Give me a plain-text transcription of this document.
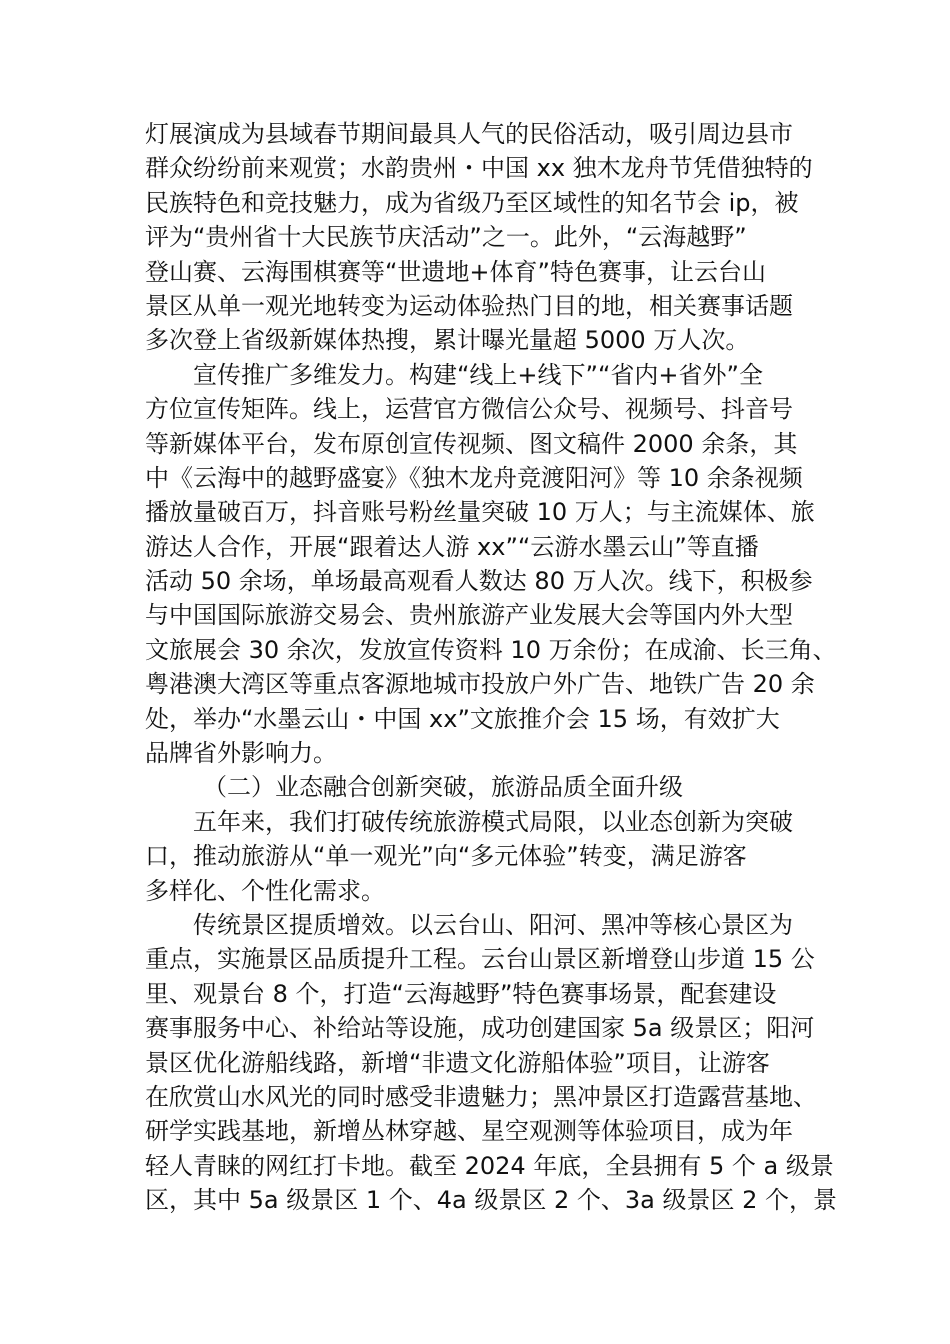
灯展演成为县域春节期间最具人气的民俗活动，吸引周边县市
群众纷纷前来观赏；水韵贵州・中国 xx 独木龙舟节凭借独特的
民族特色和竞技魅力，成为省级乃至区域性的知名节会 ip，被
评为“贵州省十大民族节庆活动”之一。此外，“云海越野”
登山赛、云海围棋赛等“世遗地+体育”特色赛事，让云台山
景区从单一观光地转变为运动体验热门目的地，相关赛事话题
多次登上省级新媒体热搜，累计曝光量超 5000 万人次。
宣传推广多维发力。构建“线上+线下”“省内+省外”全
方位宣传矩阵。线上，运营官方微信公众号、视频号、抖音号
等新媒体平台，发布原创宣传视频、图文稿件 2000 余条，其
中《云海中的越野盛宴》《独木龙舟竞渡阳河》等 10 余条视频
播放量破百万，抖音账号粉丝量突破 10 万人；与主流媒体、旅
游达人合作，开展“跟着达人游 xx”“云游水墨云山”等直播
活动 50 余场，单场最高观看人数达 80 万人次。线下，积极参
与中国国际旅游交易会、贵州旅游产业发展大会等国内外大型
文旅展会 30 余次，发放宣传资料 10 万余份；在成渝、长三角、
粤港澳大湾区等重点客源地城市投放户外广告、地铁广告 20 余
处，举办“水墨云山・中国 xx”文旅推介会 15 场，有效扩大
品牌省外影响力。
（二）业态融合创新突破，旅游品质全面升级
五年来，我们打破传统旅游模式局限，以业态创新为突破
口，推动旅游从“单一观光”向“多元体验”转变，满足游客
多样化、个性化需求。
传统景区提质增效。以云台山、阳河、黑冲等核心景区为
重点，实施景区品质提升工程。云台山景区新增登山步道 15 公
里、观景台 8 个，打造“云海越野”特色赛事场景，配套建设
赛事服务中心、补给站等设施，成功创建国家 5a 级景区；阳河
景区优化游船线路，新增“非遗文化游船体验”项目，让游客
在欣赏山水风光的同时感受非遗魅力；黑冲景区打造露营基地、
研学实践基地，新增丛林穿越、星空观测等体验项目，成为年
轻人青睐的网红打卡地。截至 2024 年底，全县拥有 5 个 a 级景
区，其中 5a 级景区 1 个、4a 级景区 2 个、3a 级景区 2 个，景
